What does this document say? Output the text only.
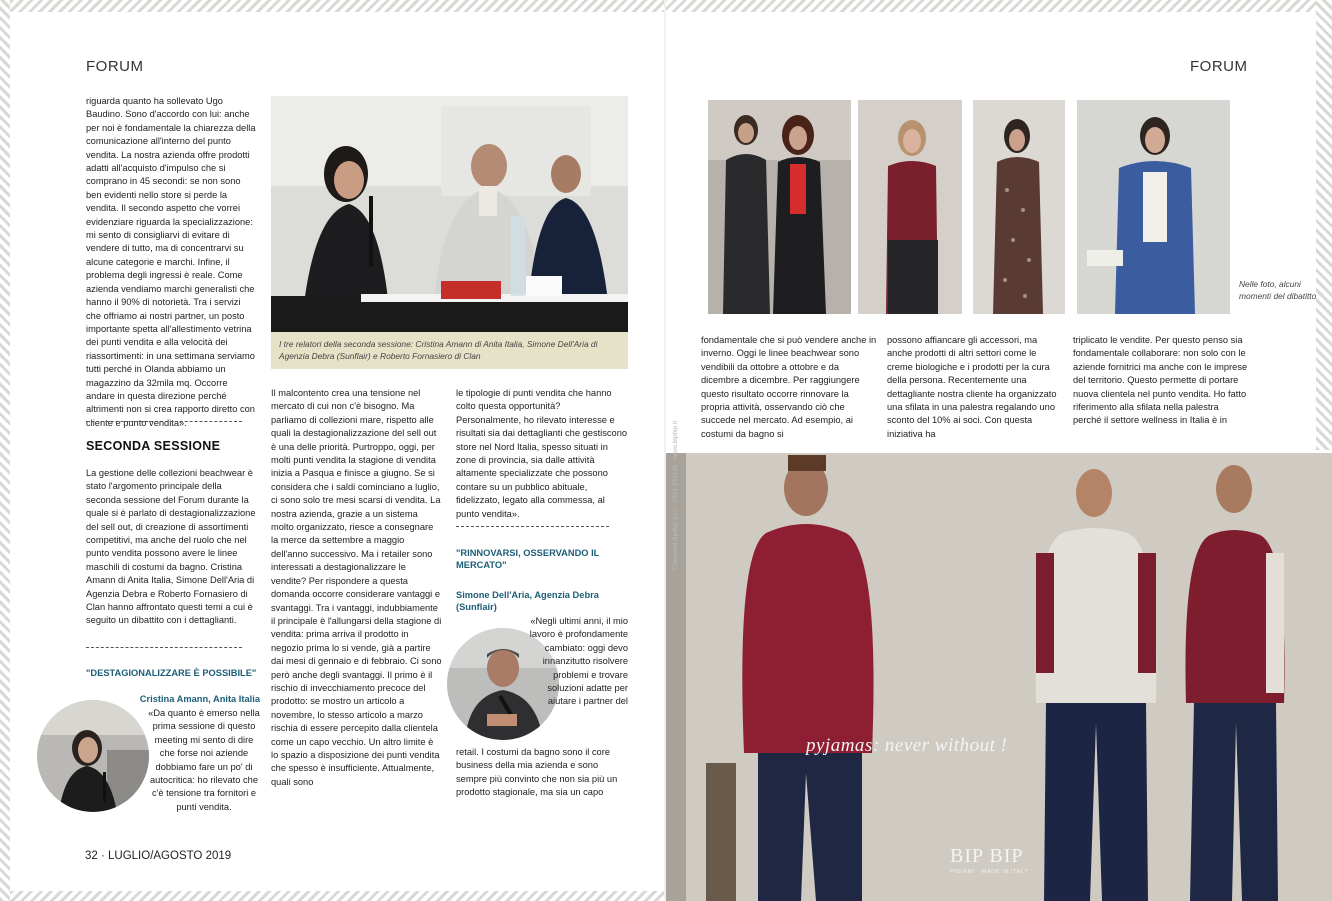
FORUM	FORUM

riguarda quanto ha sollevato Ugo Baudino. Sono d'accordo con lui: anche per noi è fondamentale la chiarezza della comunicazione all'interno del punto vendita. La nostra azienda offre prodotti adatti all'acquisto d'impulso che si comprano in 45 secondi: se non sono ben evidenti nello store si perde la vendita. Il secondo aspetto che vorrei evidenziare riguarda la specializzazione: mi sento di consigliarvi di evitare di vendere di tutto, ma di concentrarvi su alcune categorie e marchi. Infine, il problema degli ingressi è reale. Come azienda vendiamo marchi generalisti che hanno il 90% di notorietà. Tra i servizi che offriamo ai nostri partner, un posto importante spetta all'allestimento vetrina dei punti vendita e alla velocità dei riassortimenti: in una settimana serviamo tutti perché in Olanda abbiamo un magazzino da 32mila mq. Occorre andare in questa direzione perché altrimenti non si crea rapporto diretto con cliente e punto vendita».

SECONDA SESSIONE

La gestione delle collezioni beachwear è stato l'argomento principale della seconda sessione del Forum durante la quale si è parlato di destagionalizzazione del sell out, di creazione di assortimenti competitivi, ma anche del ruolo che nel punto vendita possono avere le linee maschili di costumi da bagno. Cristina Amann di Anita Italia, Simone Dell'Aria di Agenzia Debra e Roberto Fornasiero di Clan hanno affrontato questi temi a cui è seguito un dibattito con i dettaglianti.

"DESTAGIONALIZZARE È POSSIBILE"
Cristina Amann, Anita Italia

«Da quanto è emerso nella prima sessione di questo meeting mi sento di dire che forse noi aziende dobbiamo fare un po' di autocritica: ho rilevato che c'è tensione tra fornitori e punti vendita.

32 · LUGLIO/AGOSTO 2019
I tre relatori della seconda sessione: Cristina Amann di Anita Italia, Simone Dell'Aria di Agenzia Debra (Sunflair) e Roberto Fornasiero di Clan

Il malcontento crea una tensione nel mercato di cui non c'è bisogno. Ma parliamo di collezioni mare, rispetto alle quali la destagionalizzazione del sell out è una delle priorità. Purtroppo, oggi, per molti punti vendita la stagione di vendita inizia a Pasqua e finisce a giugno. Se si considera che i saldi cominciano a luglio, ci sono solo tre mesi scarsi di vendita. La nostra azienda, grazie a un sistema molto organizzato, riesce a consegnare la merce da settembre a maggio dell'anno successivo. Ma i retailer sono interessati a destagionalizzare le vendite? Per rispondere a questa domanda occorre considerare vantaggi e svantaggi. Tra i vantaggi, indubbiamente il principale è l'allungarsi della stagione di vendita: prima arriva il prodotto in negozio prima lo si vende, già a partire dai mesi di gennaio e di febbraio. Ci sono però anche degli svantaggi. Il primo è il rischio di invecchiamento precoce del prodotto: se mostro un articolo a novembre, lo stesso articolo a marzo rischia di essere percepito dalla clientela come un capo vecchio. Un altro limite è lo spazio a disposizione dei punti vendita che spesso è insufficiente. Attualmente, quali sono

le tipologie di punti vendita che hanno colto questa opportunità? Personalmente, ho rilevato interesse e risultati sia dai dettaglianti che gestiscono store nel Nord Italia, spesso situati in zone di provincia, sia dalle attività altamente specializzate che possono contare su un pubblico abituale, fidelizzato, legato alla commessa, al punto vendita».

"RINNOVARSI, OSSERVANDO IL MERCATO"
Simone Dell'Aria, Agenzia Debra (Sunflair)

«Negli ultimi anni, il mio lavoro è profondamente cambiato: oggi devo innanzitutto risolvere problemi e trovare soluzioni adatte per aiutare i partner del

retail. I costumi da bagno sono il core business della mia azienda e sono sempre più convinto che non sia più un prodotto stagionale, ma sia un capo

Nelle foto, alcuni momenti del dibatitto

fondamentale che si può vendere anche in inverno. Oggi le linee beachwear sono vendibili da ottobre a ottobre e da dicembre a dicembre. Per raggiungere questo risultato occorre rinnovare la propria attività, osservando ciò che succede nel mercato. Ad esempio, ai costumi da bagno si

possono affiancare gli accessori, ma anche prodotti di altri settori come le creme biologiche e i prodotti per la cura della persona. Recentemente una dettagliante nostra cliente ha organizzato una sfilata in una palestra regalando uno sconto del 10% ai soci. Con questa iniziativa ha

triplicato le vendite. Per questo penso sia fondamentale collaborare: non solo con le aziende fornitrici ma anche con le imprese del territorio. Questo permette di portare nuova clientela nel punto vendita. Ho fatto riferimento alla sfilata nella palestra perché il settore wellness in Italia è in

Creazioni BipBip s.r.l. - 0331 274126 - www.bipbip.it
pyjamas: never without !
BIP BIP
PIGIAMI · MADE IN ITALY
